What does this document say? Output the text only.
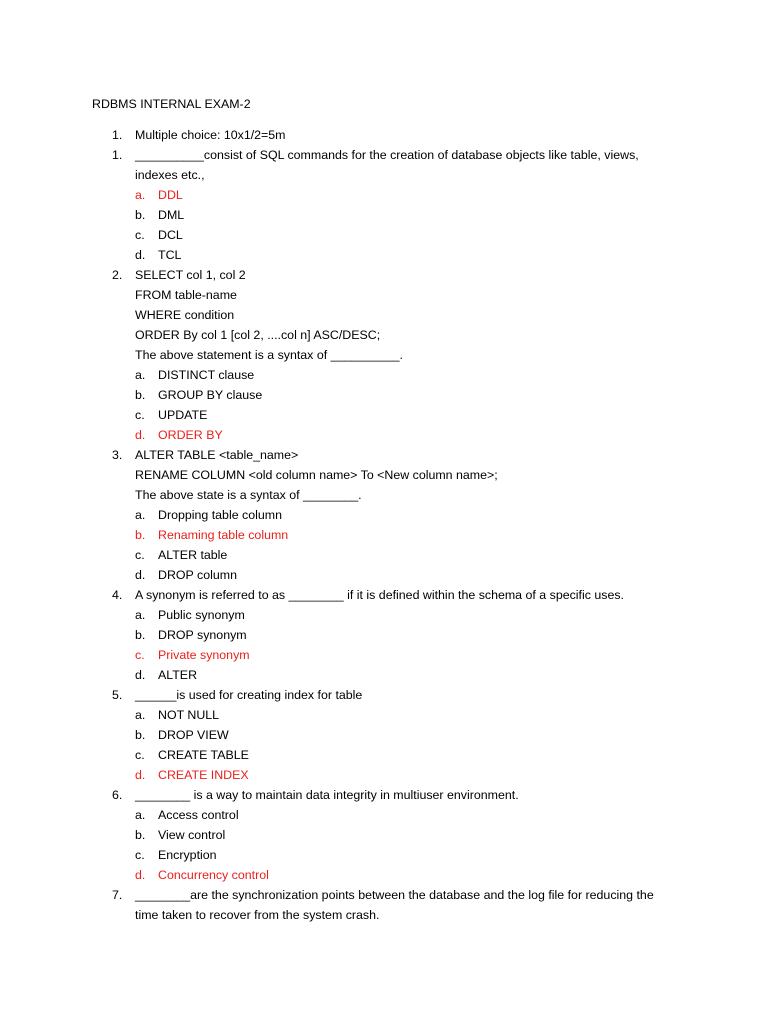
RDBMS INTERNAL EXAM-2
1. Multiple choice: 10x1/2=5m
1. __________consist of SQL commands for the creation of database objects like table, views,
indexes etc.,
a. DDL
b. DML
c. DCL
d. TCL
2. SELECT col 1, col 2
FROM table-name
WHERE condition
ORDER By col 1 [col 2, ....col n] ASC/DESC;
The above statement is a syntax of __________.
a. DISTINCT clause
b. GROUP BY clause
c. UPDATE
d. ORDER BY
3. ALTER TABLE <table_name>
RENAME COLUMN <old column name> To <New column name>;
The above state is a syntax of ________.
a. Dropping table column
b. Renaming table column
c. ALTER table
d. DROP column
4. A synonym is referred to as ________ if it is defined within the schema of a specific uses.
a. Public synonym
b. DROP synonym
c. Private synonym
d. ALTER
5. ______is used for creating index for table
a. NOT NULL
b. DROP VIEW
c. CREATE TABLE
d. CREATE INDEX
6. ________ is a way to maintain data integrity in multiuser environment.
a. Access control
b. View control
c. Encryption
d. Concurrency control
7. ________are the synchronization points between the database and the log file for reducing the
time taken to recover from the system crash.
